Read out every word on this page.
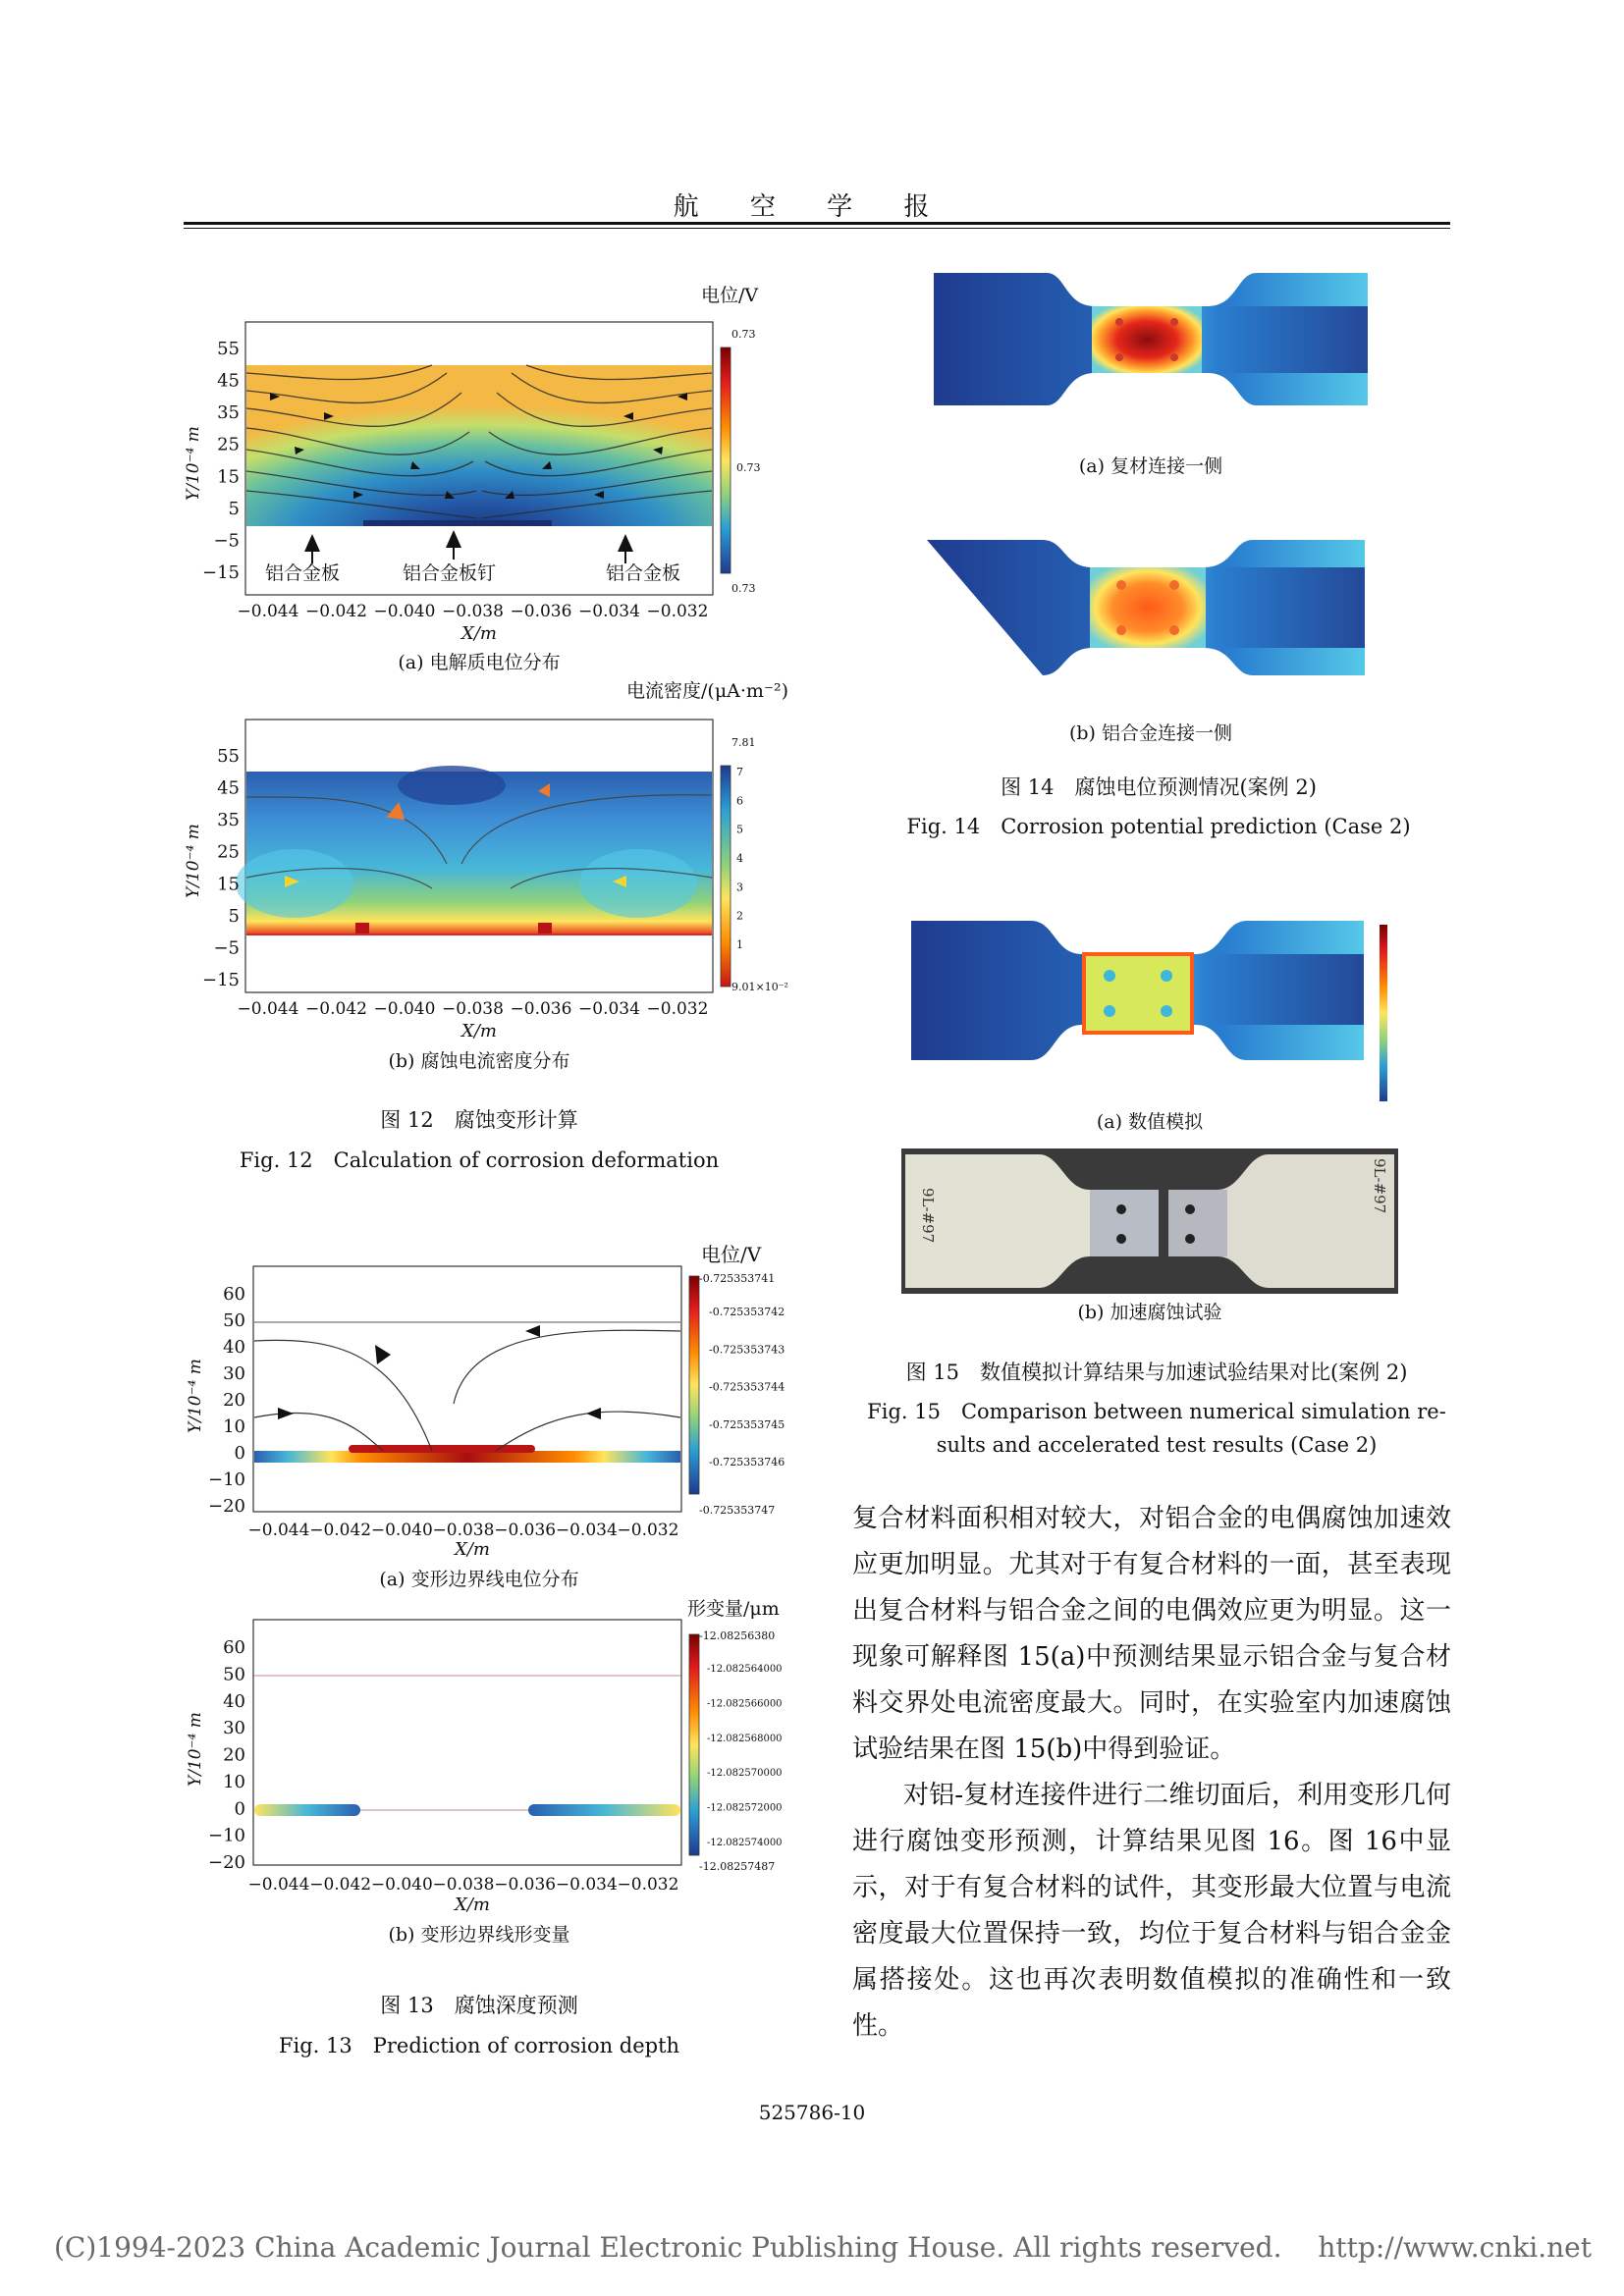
航 空 学 报
电位/V
0.73
0.73
0.73
铝合金板	铝合金板钉	铝合金板
X/m
Y/10⁻⁴ m
55
45
35
25
15
5
−5
−15
−0.044 −0.042 −0.040 −0.038 −0.036 −0.034 −0.032
电流密度/(μA·m⁻²)
7.81
9.01×10⁻²
X/m
Y/10⁻⁴ m
7
6
5
4
3
2
1
55
45
35
25
15
5
−5
−15
−0.044 −0.042 −0.040 −0.038 −0.036 −0.034 −0.032
电位/V
-0.725353741
-0.725353747
X/m
Y/10⁻⁴ m
-0.725353742
-0.725353743
-0.725353744
-0.725353745
-0.725353746
60
50
40
30
20
10
0
−10
−20
−0.044 −0.042 −0.040 −0.038 −0.036 −0.034 −0.032
形变量/μm
-12.08256380
-12.08257487
X/m
Y/10⁻⁴ m
-12.082564000
-12.082566000
-12.082568000
-12.082570000
-12.082572000
-12.082574000
60
50
40
30
20
10
0
−10
−20
−0.044 −0.042 −0.040 −0.038 −0.036 −0.034 −0.032
9L-#97
9L-#97
(a) 电解质电位分布
(b) 腐蚀电流密度分布
图 12　腐蚀变形计算
Fig. 12　Calculation of corrosion deformation
(a) 变形边界线电位分布
(b) 变形边界线形变量
图 13　腐蚀深度预测
Fig. 13　Prediction of corrosion depth
(a) 复材连接一侧
(b) 铝合金连接一侧
图 14　腐蚀电位预测情况(案例 2)
Fig. 14　Corrosion potential prediction (Case 2)
(a) 数值模拟
(b) 加速腐蚀试验
图 15　数值模拟计算结果与加速试验结果对比(案例 2)
Fig. 15　Comparison between numerical simulation re-
sults and accelerated test results (Case 2)

复合材料面积相对较大，对铝合金的电偶腐蚀加速效应更加明显。尤其对于有复合材料的一面，甚至表现出复合材料与铝合金之间的电偶效应更为明显。这一现象可解释图 15(a)中预测结果显示铝合金与复合材料交界处电流密度最大。同时，在实验室内加速腐蚀试验结果在图 15(b)中得到验证。

对铝-复材连接件进行二维切面后，利用变形几何进行腐蚀变形预测，计算结果见图 16。图 16中显示，对于有复合材料的试件，其变形最大位置与电流密度最大位置保持一致，均位于复合材料与铝合金金属搭接处。这也再次表明数值模拟的准确性和一致性。

525786-10
(C)1994-2023 China Academic Journal Electronic Publishing House. All rights reserved.　 http://www.cnki.net
